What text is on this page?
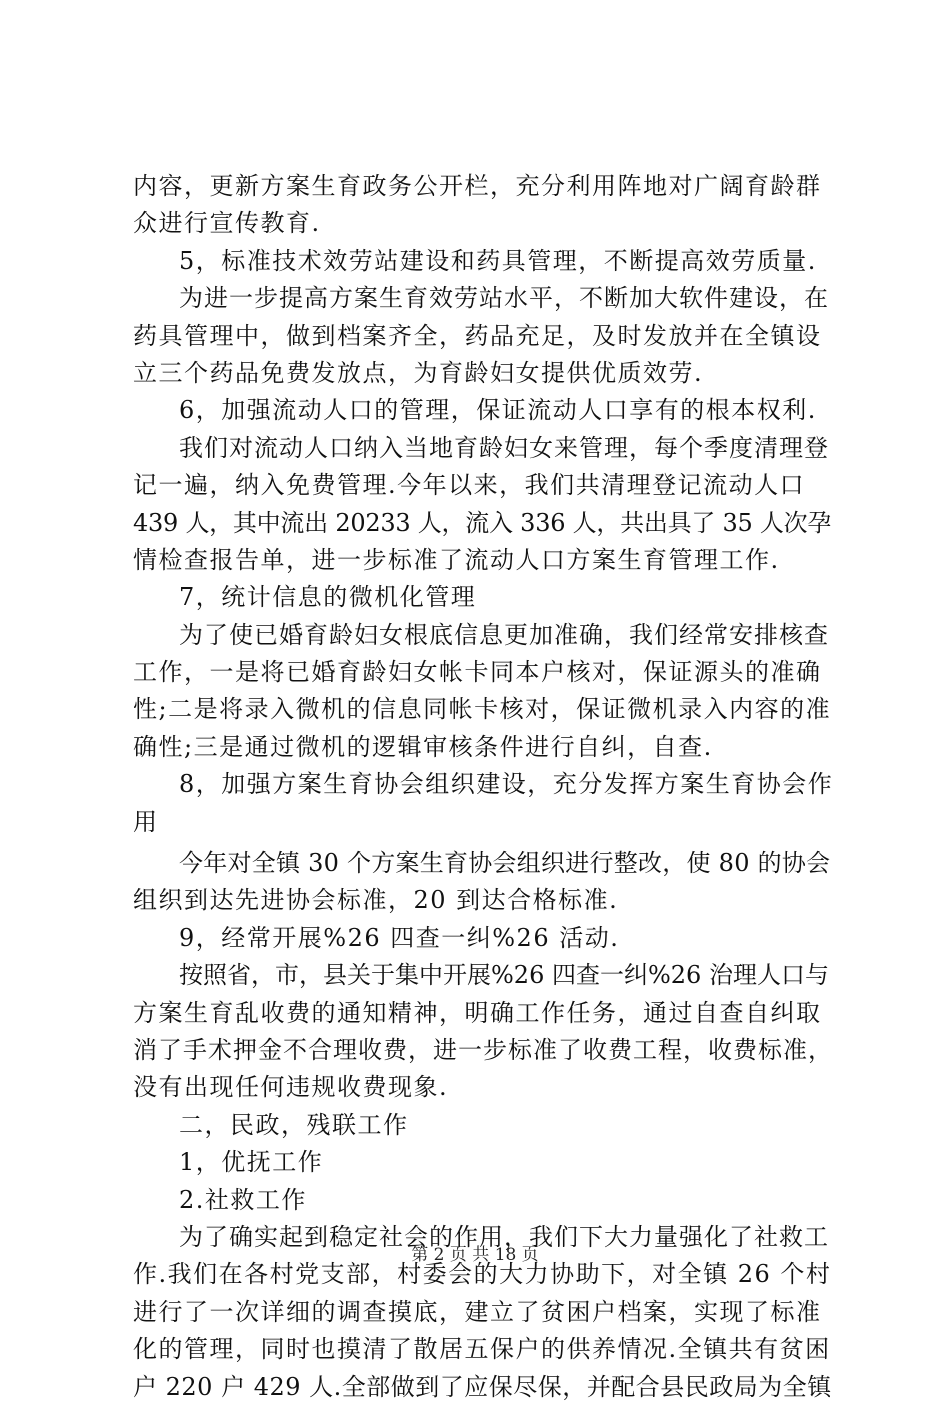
内容，更新方案生育政务公开栏，充分利用阵地对广阔育龄群
众进行宣传教育.
5，标准技术效劳站建设和药具管理，不断提高效劳质量.
为进一步提高方案生育效劳站水平，不断加大软件建设，在
药具管理中，做到档案齐全，药品充足，及时发放并在全镇设
立三个药品免费发放点，为育龄妇女提供优质效劳.
6，加强流动人口的管理，保证流动人口享有的根本权利.
我们对流动人口纳入当地育龄妇女来管理，每个季度清理登
记一遍，纳入免费管理.今年以来，我们共清理登记流动人口
439 人，其中流出 20233 人，流入 336 人，共出具了 35 人次孕
情检查报告单，进一步标准了流动人口方案生育管理工作.
7，统计信息的微机化管理
为了使已婚育龄妇女根底信息更加准确，我们经常安排核查
工作，一是将已婚育龄妇女帐卡同本户核对，保证源头的准确
性;二是将录入微机的信息同帐卡核对，保证微机录入内容的准
确性;三是通过微机的逻辑审核条件进行自纠，自查.
8，加强方案生育协会组织建设，充分发挥方案生育协会作
用
今年对全镇 30 个方案生育协会组织进行整改，使 80 的协会
组织到达先进协会标准，20 到达合格标准.
9，经常开展%26 四查一纠%26 活动.
按照省，市，县关于集中开展%26 四查一纠%26 治理人口与
方案生育乱收费的通知精神，明确工作任务，通过自查自纠取
消了手术押金不合理收费，进一步标准了收费工程，收费标准，
没有出现任何违规收费现象.
二，民政，残联工作
1，优抚工作
2.社救工作
为了确实起到稳定社会的作用，我们下大力量强化了社救工
作.我们在各村党支部，村委会的大力协助下，对全镇 26 个村
进行了一次详细的调查摸底，建立了贫困户档案，实现了标准
化的管理，同时也摸清了散居五保户的供养情况.全镇共有贫困
户 220 户 429 人.全部做到了应保尽保，并配合县民政局为全镇
第 2 页 共 18 页
